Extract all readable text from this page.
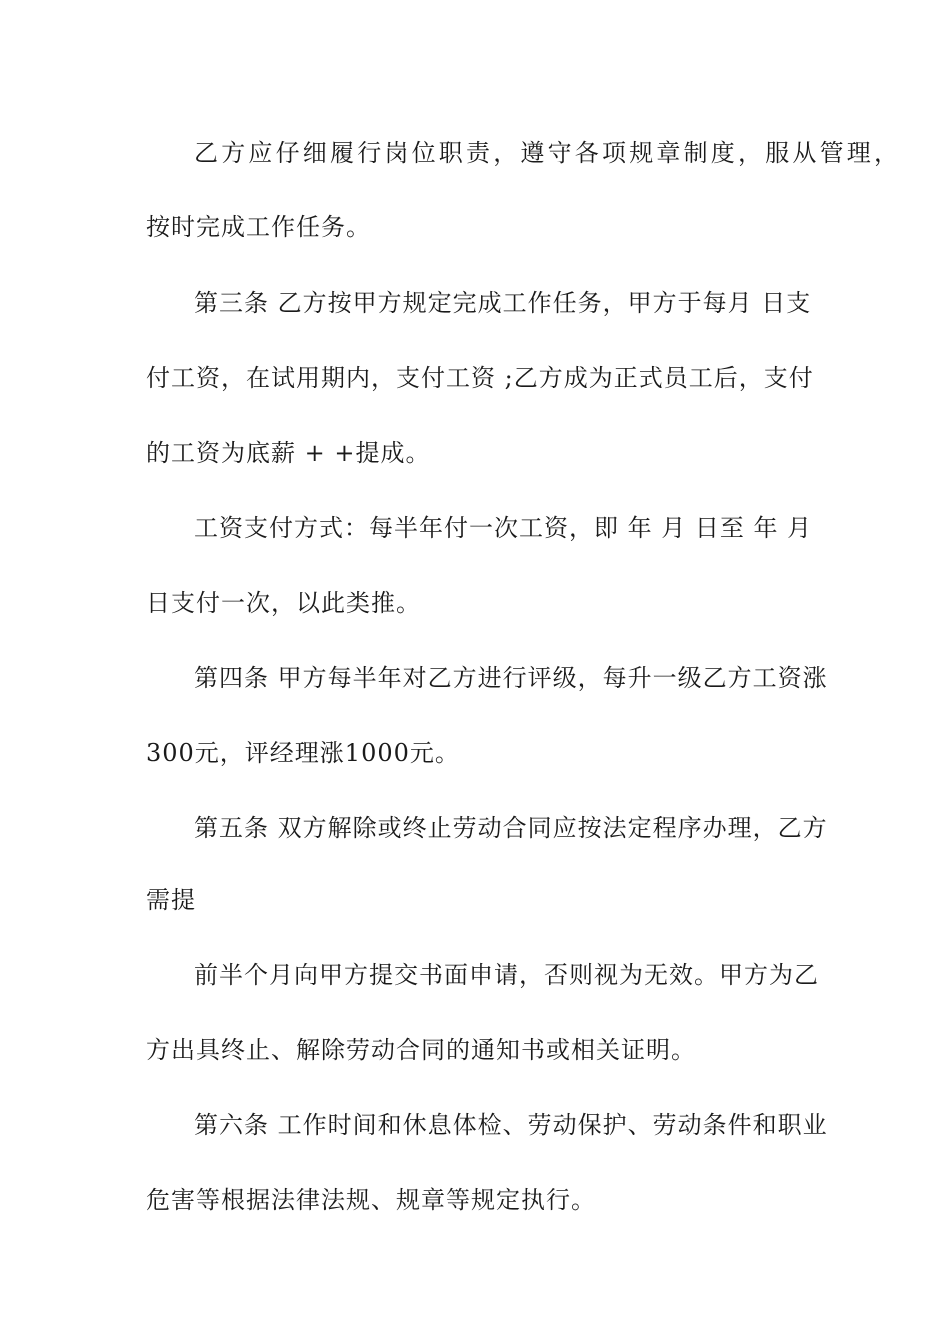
乙方应仔细履行岗位职责，遵守各项规章制度，服从管理，
按时完成工作任务。
第三条 乙方按甲方规定完成工作任务，甲方于每月 日支
付工资，在试用期内，支付工资 ;乙方成为正式员工后，支付
的工资为底薪 + +提成。
工资支付方式：每半年付一次工资，即 年 月 日至 年 月
日支付一次，以此类推。
第四条 甲方每半年对乙方进行评级，每升一级乙方工资涨
300元，评经理涨1000元。
第五条 双方解除或终止劳动合同应按法定程序办理，乙方
需提
前半个月向甲方提交书面申请，否则视为无效。甲方为乙
方出具终止、解除劳动合同的通知书或相关证明。
第六条 工作时间和休息体检、劳动保护、劳动条件和职业
危害等根据法律法规、规章等规定执行。
